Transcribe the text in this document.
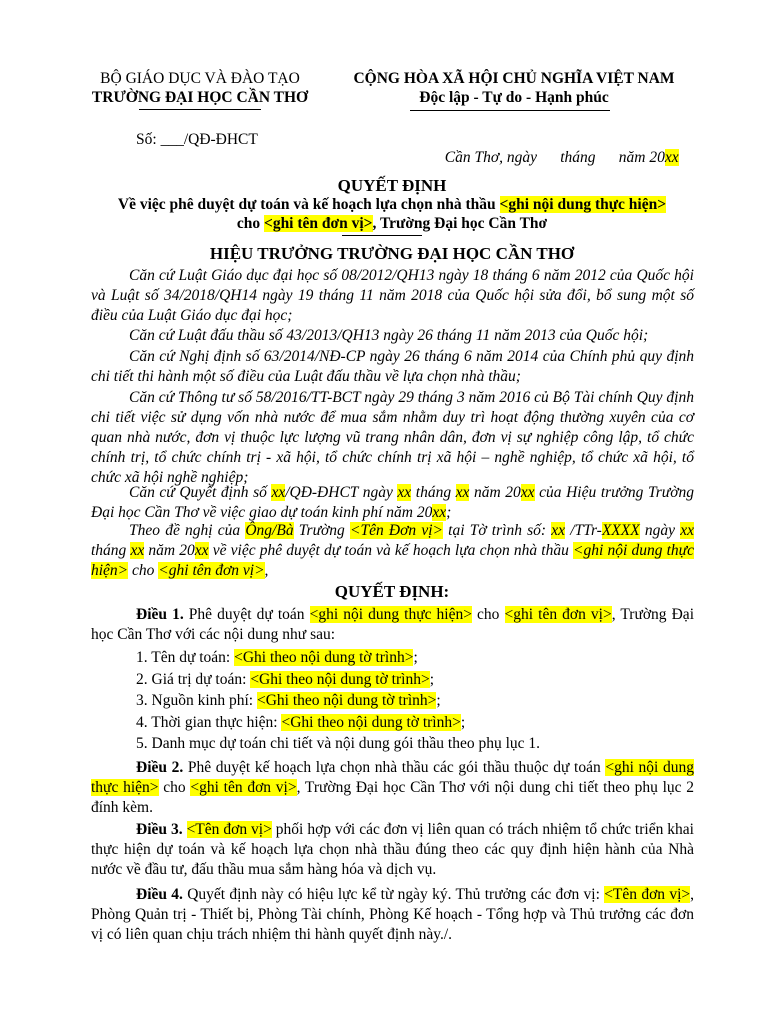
BỘ GIÁO DỤC VÀ ĐÀO TẠO
TRƯỜNG ĐẠI HỌC CẦN THƠ
CỘNG HÒA XÃ HỘI CHỦ NGHĨA VIỆT NAM
Độc lập - Tự do - Hạnh phúc
Số: ___/QĐ-ĐHCT

Cần Thơ, ngày      tháng      năm 20xx

QUYẾT ĐỊNH
Về việc phê duyệt dự toán và kế hoạch lựa chọn nhà thầu <ghi nội dung thực hiện>
cho <ghi tên đơn vị>, Trường Đại học Cần Thơ
HIỆU TRƯỞNG TRƯỜNG ĐẠI HỌC CẦN THƠ
Căn cứ Luật Giáo dục đại học số 08/2012/QH13 ngày 18 tháng 6 năm 2012 của Quốc hội và Luật số 34/2018/QH14 ngày 19 tháng 11 năm 2018 của Quốc hội sửa đổi, bổ sung một số điều của Luật Giáo dục đại học;
Căn cứ Luật đấu thầu số 43/2013/QH13 ngày 26 tháng 11 năm 2013 của Quốc hội;
Căn cứ Nghị định số 63/2014/NĐ-CP ngày 26 tháng 6 năm 2014 của Chính phủ quy định chi tiết thi hành một số điều của Luật đấu thầu về lựa chọn nhà thầu;
Căn cứ Thông tư số 58/2016/TT-BCT ngày 29 tháng 3 năm 2016 củ Bộ Tài chính Quy định chi tiết việc sử dụng vốn nhà nước để mua sắm nhằm duy trì hoạt động thường xuyên của cơ quan nhà nước, đơn vị thuộc lực lượng vũ trang nhân dân, đơn vị sự nghiệp công lập, tổ chức chính trị, tổ chức chính trị - xã hội, tổ chức chính trị xã hội – nghề nghiệp, tổ chức xã hội, tổ chức xã hội nghề nghiệp;
Căn cứ Quyết định số xx/QĐ-ĐHCT ngày xx tháng xx năm 20xx của Hiệu trưởng Trường Đại học Cần Thơ về việc giao dự toán kinh phí năm 20xx;
Theo đề nghị của Ông/Bà Trường <Tên Đơn vị> tại Tờ trình số: xx /TTr-XXXX ngày xx tháng xx năm 20xx về việc phê duyệt dự toán và kế hoạch lựa chọn nhà thầu <ghi nội dung thực hiện> cho <ghi tên đơn vị>,
QUYẾT ĐỊNH:
Điều 1. Phê duyệt dự toán <ghi nội dung thực hiện> cho <ghi tên đơn vị>, Trường Đại học Cần Thơ với các nội dung như sau:
1. Tên dự toán: <Ghi theo nội dung tờ trình>;
2. Giá trị dự toán: <Ghi theo nội dung tờ trình>;
3. Nguồn kinh phí: <Ghi theo nội dung tờ trình>;
4. Thời gian thực hiện: <Ghi theo nội dung tờ trình>;
5. Danh mục dự toán chi tiết và nội dung gói thầu theo phụ lục 1.
Điều 2. Phê duyệt kế hoạch lựa chọn nhà thầu các gói thầu thuộc dự toán <ghi nội dung thực hiện> cho <ghi tên đơn vị>, Trường Đại học Cần Thơ với nội dung chi tiết theo phụ lục 2 đính kèm.
Điều 3. <Tên đơn vị> phối hợp với các đơn vị liên quan có trách nhiệm tổ chức triển khai thực hiện dự toán và kế hoạch lựa chọn nhà thầu đúng theo các quy định hiện hành của Nhà nước về đầu tư, đấu thầu mua sắm hàng hóa và dịch vụ.
Điều 4. Quyết định này có hiệu lực kể từ ngày ký. Thủ trưởng các đơn vị: <Tên đơn vị>, Phòng Quản trị - Thiết bị, Phòng Tài chính, Phòng Kế hoạch - Tổng hợp và Thủ trưởng các đơn vị có liên quan chịu trách nhiệm thi hành quyết định này./.
